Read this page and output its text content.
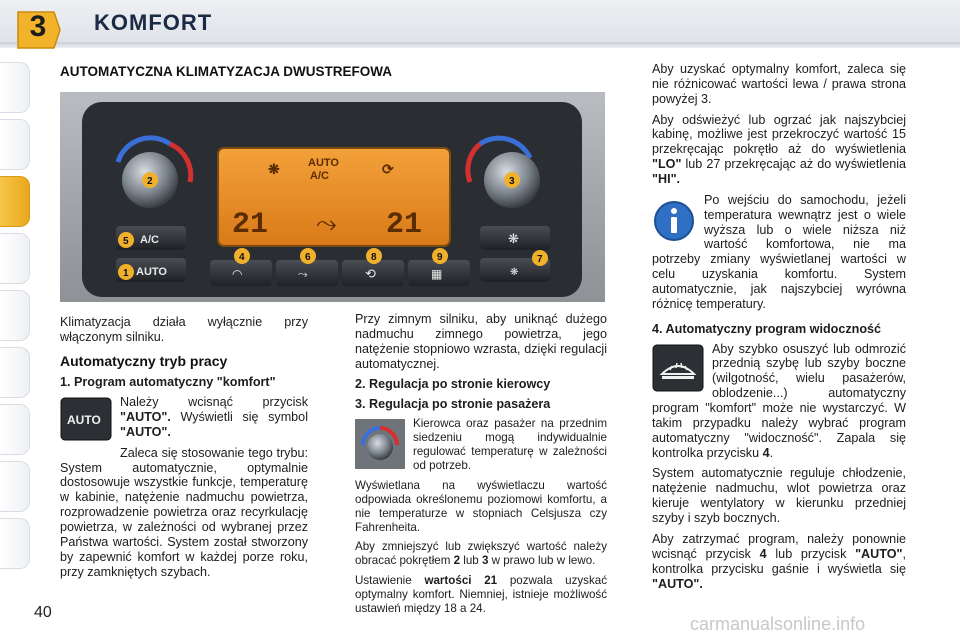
3	KOMFORT
AUTOMATYCZNA KLIMATYZACJA DWUSTREFOWA
❋	AUTO
A/C	⟳
21	21
⤳
A/C
AUTO
❋
❋
◠	⤳	⟲	▦
1
2	3
4
5
6	7
8	9

Klimatyzacja działa wyłącznie przy włączonym silniku.

Automatyczny tryb pracy
1. Program automatyczny "komfort"
AUTO

Należy wcisnąć przycisk "AUTO". Wyświetli się symbol "AUTO".

Zaleca się stosowanie tego trybu: System automatycznie, optymalnie dostosowuje wszystkie funkcje, temperaturę w kabinie, natężenie nadmuchu powietrza, rozprowadzenie powietrza oraz recyrkulację powietrza, w zależności od wybranej przez Państwa wartości. System został stworzony by zapewnić komfort w każdej porze roku, przy zamkniętych szybach.

Przy zimnym silniku, aby uniknąć dużego nadmuchu zimnego powietrza, jego natężenie stopniowo wzrasta, dzięki regulacji automatycznej.

2. Regulacja po stronie kierowcy
3. Regulacja po stronie pasażera

Kierowca oraz pasażer na przednim siedzeniu mogą indywidualnie regulować temperaturę w zależności od potrzeb.

Wyświetlana na wyświetlaczu wartość odpowiada określonemu poziomowi komfortu, a nie temperaturze w stopniach Celsjusza czy Fahrenheita.

Aby zmniejszyć lub zwiększyć wartość należy obracać pokrętłem 2 lub 3 w prawo lub w lewo.

Ustawienie wartości 21 pozwala uzyskać optymalny komfort. Niemniej, istnieje możliwość ustawień między 18 a 24.

Aby uzyskać optymalny komfort, zaleca się nie różnicować wartości lewa / prawa strona powyżej 3.

Aby odświeżyć lub ogrzać jak najszybciej kabinę, możliwe jest przekroczyć wartość 15 przekręcając pokrętło aż do wyświetlenia "LO" lub 27 przekręcając aż do wyświetlenia "HI".

Po wejściu do samochodu, jeżeli temperatura wewnątrz jest o wiele wyższa lub o wiele niższa niż wartość komfortowa, nie ma potrzeby zmiany wyświetlanej wartości w celu uzyskania komfortu. System automatycznie, jak najszybciej wyrówna różnicę temperatury.

4. Automatyczny program widoczność

Aby szybko osuszyć lub odmrozić przednią szybę lub szyby boczne (wilgotność, wielu pasażerów, oblodzenie...) automatyczny program "komfort" może nie wystarczyć. W takim przypadku należy wybrać program automatyczny "widoczność". Zapala się kontrolka przycisku 4.

System automatycznie reguluje chłodzenie, natężenie nadmuchu, wlot powietrza oraz kieruje wentylatory w kierunku przedniej szyby i szyb bocznych.

Aby zatrzymać program, należy ponownie wcisnąć przycisk 4 lub przycisk "AUTO", kontrolka przycisku gaśnie i wyświetla się "AUTO".

40
carmanualsonline.info
